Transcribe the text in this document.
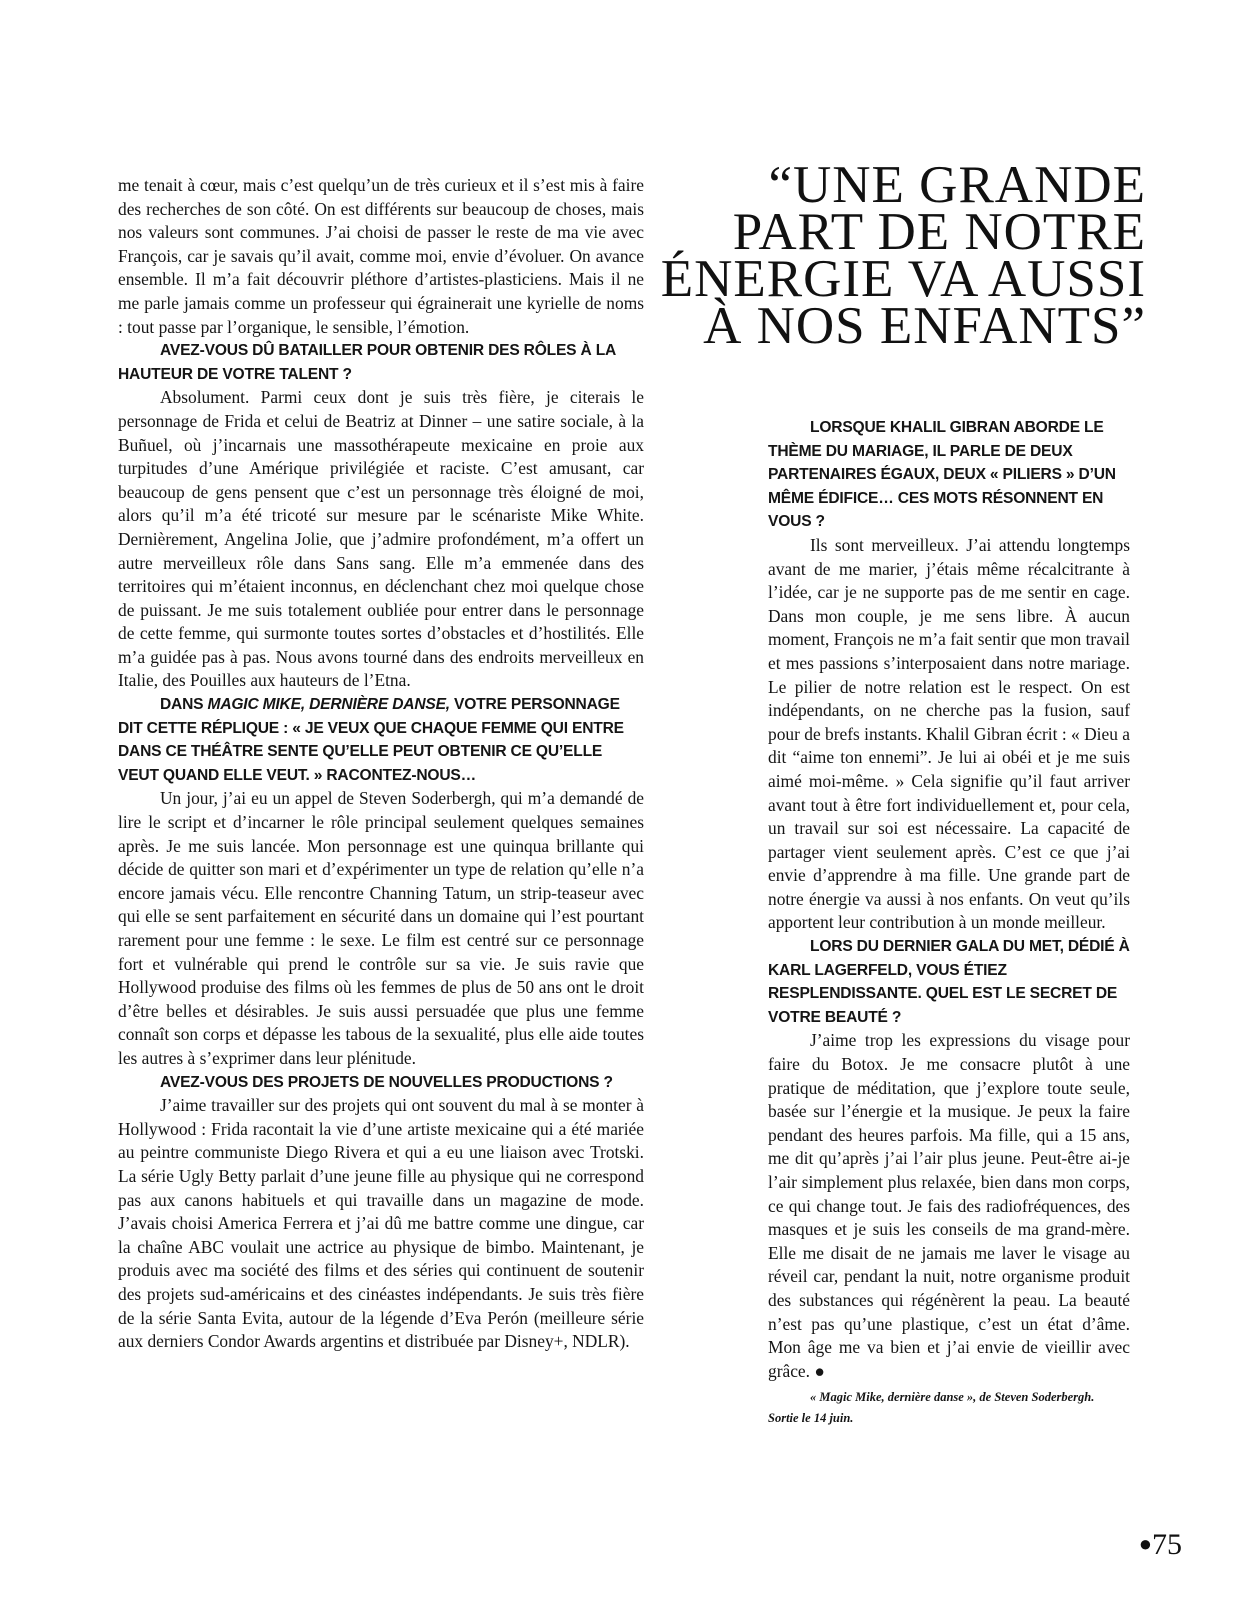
me tenait à cœur, mais c’est quelqu’un de très curieux et il s’est mis à faire des recherches de son côté. On est différents sur beaucoup de choses, mais nos valeurs sont communes. J’ai choisi de passer le reste de ma vie avec François, car je savais qu’il avait, comme moi, envie d’évoluer. On avance ensemble. Il m’a fait découvrir pléthore d’artistes-plasticiens. Mais il ne me parle jamais comme un professeur qui égrainerait une kyrielle de noms : tout passe par l’organique, le sensible, l’émotion.

AVEZ-VOUS DÛ BATAILLER POUR OBTENIR DES RÔLES À LA HAUTEUR DE VOTRE TALENT ?

Absolument. Parmi ceux dont je suis très fière, je citerais le personnage de Frida et celui de Beatriz at Dinner – une satire sociale, à la Buñuel, où j’incarnais une massothérapeute mexicaine en proie aux turpitudes d’une Amérique privilégiée et raciste. C’est amusant, car beaucoup de gens pensent que c’est un personnage très éloigné de moi, alors qu’il m’a été tricoté sur mesure par le scénariste Mike White. Dernièrement, Angelina Jolie, que j’admire profondément, m’a offert un autre merveilleux rôle dans Sans sang. Elle m’a emmenée dans des territoires qui m’étaient inconnus, en déclenchant chez moi quelque chose de puissant. Je me suis totalement oubliée pour entrer dans le personnage de cette femme, qui surmonte toutes sortes d’obstacles et d’hostilités. Elle m’a guidée pas à pas. Nous avons tourné dans des endroits merveilleux en Italie, des Pouilles aux hauteurs de l’Etna.

DANS MAGIC MIKE, DERNIÈRE DANSE, VOTRE PERSONNAGE DIT CETTE RÉPLIQUE : « JE VEUX QUE CHAQUE FEMME QUI ENTRE DANS CE THÉÂTRE SENTE QU’ELLE PEUT OBTENIR CE QU’ELLE VEUT QUAND ELLE VEUT. » RACONTEZ-NOUS…

Un jour, j’ai eu un appel de Steven Soderbergh, qui m’a demandé de lire le script et d’incarner le rôle principal seulement quelques semaines après. Je me suis lancée. Mon personnage est une quinqua brillante qui décide de quitter son mari et d’expérimenter un type de relation qu’elle n’a encore jamais vécu. Elle rencontre Channing Tatum, un strip-teaseur avec qui elle se sent parfaitement en sécurité dans un domaine qui l’est pourtant rarement pour une femme : le sexe. Le film est centré sur ce personnage fort et vulnérable qui prend le contrôle sur sa vie. Je suis ravie que Hollywood produise des films où les femmes de plus de 50 ans ont le droit d’être belles et désirables. Je suis aussi persuadée que plus une femme connaît son corps et dépasse les tabous de la sexualité, plus elle aide toutes les autres à s’exprimer dans leur plénitude.

AVEZ-VOUS DES PROJETS DE NOUVELLES PRODUCTIONS ?

J’aime travailler sur des projets qui ont souvent du mal à se monter à Hollywood : Frida racontait la vie d’une artiste mexicaine qui a été mariée au peintre communiste Diego Rivera et qui a eu une liaison avec Trotski. La série Ugly Betty parlait d’une jeune fille au physique qui ne correspond pas aux canons habituels et qui travaille dans un magazine de mode. J’avais choisi America Ferrera et j’ai dû me battre comme une dingue, car la chaîne ABC voulait une actrice au physique de bimbo. Maintenant, je produis avec ma société des films et des séries qui continuent de soutenir des projets sud-américains et des cinéastes indépendants. Je suis très fière de la série Santa Evita, autour de la légende d’Eva Perón (meilleure série aux derniers Condor Awards argentins et distribuée par Disney+, NDLR).

“UNE GRANDE
PART DE NOTRE
ÉNERGIE VA AUSSI
À NOS ENFANTS”

LORSQUE KHALIL GIBRAN ABORDE LE THÈME DU MARIAGE, IL PARLE DE DEUX PARTENAIRES ÉGAUX, DEUX « PILIERS » D’UN MÊME ÉDIFICE… CES MOTS RÉSONNENT EN VOUS ?

Ils sont merveilleux. J’ai attendu longtemps avant de me marier, j’étais même récalcitrante à l’idée, car je ne supporte pas de me sentir en cage. Dans mon couple, je me sens libre. À aucun moment, François ne m’a fait sentir que mon travail et mes passions s’interposaient dans notre mariage. Le pilier de notre relation est le respect. On est indépendants, on ne cherche pas la fusion, sauf pour de brefs instants. Khalil Gibran écrit : « Dieu a dit “aime ton ennemi”. Je lui ai obéi et je me suis aimé moi-même. » Cela signifie qu’il faut arriver avant tout à être fort individuellement et, pour cela, un travail sur soi est nécessaire. La capacité de partager vient seulement après. C’est ce que j’ai envie d’apprendre à ma fille. Une grande part de notre énergie va aussi à nos enfants. On veut qu’ils apportent leur contribution à un monde meilleur.

LORS DU DERNIER GALA DU MET, DÉDIÉ À KARL LAGERFELD, VOUS ÉTIEZ RESPLENDISSANTE. QUEL EST LE SECRET DE VOTRE BEAUTÉ ?

J’aime trop les expressions du visage pour faire du Botox. Je me consacre plutôt à une pratique de méditation, que j’explore toute seule, basée sur l’énergie et la musique. Je peux la faire pendant des heures parfois. Ma fille, qui a 15 ans, me dit qu’après j’ai l’air plus jeune. Peut-être ai-je l’air simplement plus relaxée, bien dans mon corps, ce qui change tout. Je fais des radiofréquences, des masques et je suis les conseils de ma grand-mère. Elle me disait de ne jamais me laver le visage au réveil car, pendant la nuit, notre organisme produit des substances qui régénèrent la peau. La beauté n’est pas qu’une plastique, c’est un état d’âme. Mon âge me va bien et j’ai envie de vieillir avec grâce. ●

« Magic Mike, dernière danse », de Steven Soderbergh.
Sortie le 14 juin.
●75
